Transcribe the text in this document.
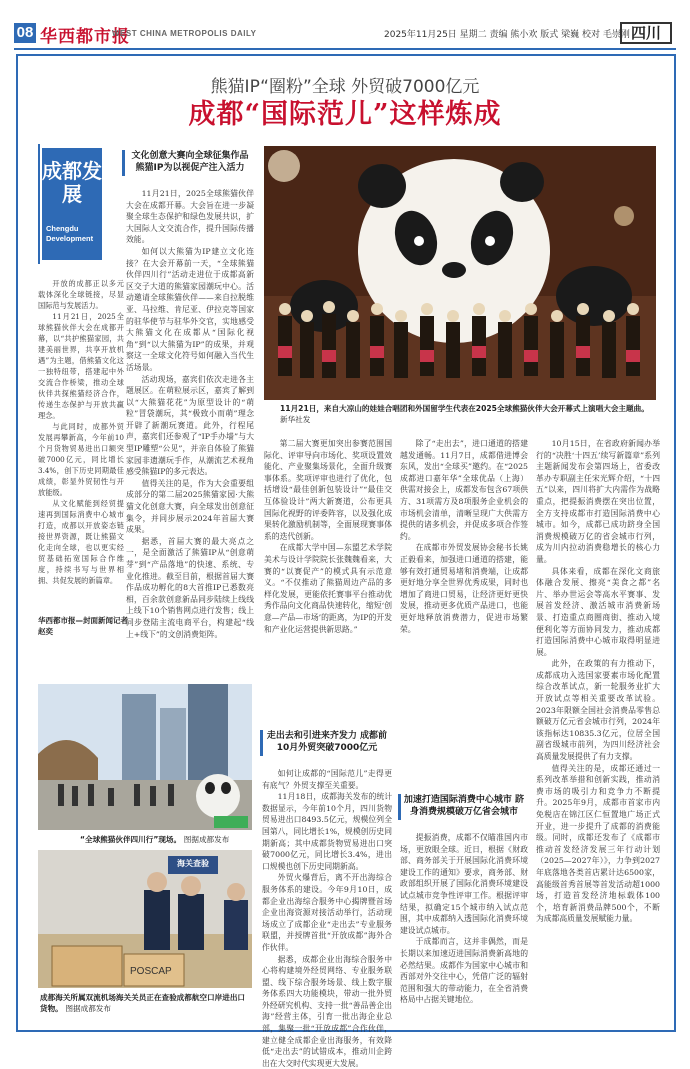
08 华西都市报
WEST CHINA METROPOLIS DAILY	2025年11月25日 星期二 责编 熊小欢 版式 梁巍 校对 毛崇刚 四川
熊猫IP“圈粉”全球 外贸破7000亿元
成都“国际范儿”这样炼成
成都发展
Chengdu Development

开放的成都正以多元载体深化全球链接，尽显国际范与发展活力。

11月21日，2025全球熊猫伙伴大会在成都开幕，以“共护熊猫家园，共建美丽世界，共享开放机遇”为主题，借熊猫文化这一独特纽带，搭建起中外交流合作桥梁，推动全球伙伴共探熊猫经济合作，传递生态保护与开放共赢理念。

与此同时，成都外贸发展再攀新高，今年前10个月货物贸易进出口额突破7000亿元，同比增长3.4%，创下历史同期最佳成绩，彰显外贸韧性与开放能级。

从文化赋能到经贸提速再到国际消费中心城市打造，成都以开放姿态链接世界资源，既让熊猫文化走向全球，也以更实经贸基础拓宽国际合作维度，持续书写与世界相拥、共促发展的新篇章。

华西都市报—封面新闻记者 赵奕
11月21日，来自大凉山的娃娃合唱团和外国留学生代表在2025全球熊猫伙伴大会开幕式上演唱大会主题曲。 新华社发
“全球熊猫伙伴四川行”现场。 图据成都发布
POSCAP
海关查验
成都海关所属双流机场海关关员正在查验成都航空口岸进出口货物。 图据成都发布
文化创意大赛向全球征集作品 熊猫IP为以视促产注入活力

11月21日，2025全球熊猫伙伴大会在成都开幕。大会旨在进一步凝聚全球生态保护和绿色发展共识，扩大国际人文交流合作，提升国际传播效能。

如何以大熊猫为IP建立文化连接？在大会开幕前一天，“全球熊猫伙伴四川行”活动走进位于成都高新区交子大道的熊猫家园潮玩中心。活动邀请全球熊猫伙伴——来自拉脱维亚、马拉维、肯尼亚、伊拉克等国家的驻华使节与驻华外交官，实地感受大熊猫文化在成都从“国际化视角”到“以大熊猫为IP”的成果，并观察这一全球文化符号如何融入当代生活场景。

活动现场，嘉宾们依次走进各主题展区。在萌粒展示区，嘉宾了解到以“大熊猫花花”为原型设计的“萌粒”冒袋潮玩，其“极致小而萌”理念开辟了新潮玩赛道。此外，行程尾声，嘉宾们还参观了“IP手办墙”与大型IP雕塑“公见”，并亲自体验了熊猫家园非遗潮玩手作，从潮流艺术视角感受熊猫IP的多元表达。

值得关注的是，作为大会重要组成部分的第二届2025熊猫家园·大熊猫文化创意大赛，向全球发出创意征集令，并同步展示2024年首届大赛成果。

据悉，首届大赛的最大亮点之一，是全面激活了熊猫IP从“创意萌芽”到“产品落地”的快速、系统、专业化推进。截至目前，根据首届大赛作品成功孵化的8大首推IP已悉数亮相，百余款创意新品同步陆续上线线上线下10个销售网点进行发售；线上同步登陆主流电商平台，构建起“线上+线下”的文创消费矩阵。

第二届大赛更加突出参赛范围国际化、评审导向市场化、奖项设置效能化、产业聚集场景化，全面升级赛事体系。奖项评审也进行了优化，包括增设“最佳创新包装设计”“最佳交互体验设计”两大新赛道，公布更具国际化视野的评委阵容，以及强化成果转化激励机制等，全面展现赛事体系的迭代创新。

在成都大学中国—东盟艺术学院美术与设计学院院长张魏魏看来，大赛的“以赛促产”的模式具有示范意义。“不仅推动了熊猫周边产品的多样化发展，更能依托赛事平台推动优秀作品向文化商品快速转化，缩短‘创意—产品—市场’的距离，为IP的开发和产业化运营提供新思路。”

走出去和引进来齐发力 成都前10月外贸突破7000亿元

如何让成都的“国际范儿”走得更有底气？外贸支撑至关重要。

11月18日，成都海关发布的统计数据显示，今年前10个月，四川货物贸易进出口8493.5亿元，规模位列全国第八，同比增长1%，规模创历史同期新高；其中成都货物贸易进出口突破7000亿元，同比增长3.4%，进出口规模也创下历史同期新高。

外贸火爆背后，离不开出海综合服务体系的建设。今年9月10日，成都企业出海综合服务中心揭牌暨首场企业出海资源对接活动举行，活动现场成立了成都企业“走出去”专业服务联盟，并授牌首批“开放成都”海外合作伙伴。

据悉，成都企业出海综合服务中心将构建境外经贸网络、专业服务联盟、线下综合服务场景、线上数字服务体系四大功能模块，带动一批外贸外经研究机构、支持一批“善品善企出海”经营主体，引育一批出海企业总部，集聚一批“开放成都”合作伙伴，建立健全成都企业出海服务，有效降低“走出去”的试错成本，推动川企跨出在大交时代实现更大发展。

除了“走出去”，进口通道的搭建越发通畅。11月7日，成都借进博会东风，发出“全球买”邀约。在“2025成都进口嘉年华”全球优品（上海）供需对接会上，成都发布包含67项供方、31项需方及8项服务企业机会的市场机会清单，清晰呈现广大供需方提供的诸多机会，并促成多项合作签约。

在成都市外贸发展协会秘书长姚正毅看来，加强进口通道的搭建，能够有效打通贸易堵和消费端，让成都更好地分享全世界优秀成果，同时也增加了商进口贸易，让经济更好更快发展，推动更多优质产品进口，也能更好地释放消费潜力，促进市场繁荣。

加速打造国际消费中心城市 跻身消费规模破万亿省会城市

提振消费，成都不仅瞄准国内市场，更放眼全球。近日，根据《财政部、商务部关于开展国际化消费环境建设工作的通知》要求，商务部、财政部组织开展了国际化消费环境建设试点城市竞争性评审工作。根据评审结果，拟确定15个城市纳入试点范围，其中成都纳入透国际化消费环境建设试点城市。

于成都而言，这并非偶然，而是长期以来加速迈进国际消费新高地的必然结果。成都作为国家中心城市和西部对外交往中心，凭借广泛的辐射范围和强大的带动能力，在全省消费格局中占据关键地位。

10月15日，在省政府新闻办举行的“决胜‘十四五’续写新篇章”系列主题新闻发布会第四场上，省委改革办专职副主任宋光辉介绍，“十四五”以来，四川将扩大内需作为战略重点，把提振消费摆在突出位置，全方支持成都市打造国际消费中心城市。如今，成都已成功跻身全国消费规模破万亿的省会城市行列，成为川内拉动消费稳增长的核心力量。

具体来看，成都在深化文商旅体融合发展、擦亮“美食之都”名片、举办世运会等高水平赛事、发展首发经济、激活城市消费新场景、打造重点商圈商街、推动入境便利化等方面协同发力，推动成都打造国际消费中心城市取得明显进展。

此外，在政策的有力推动下，成都成功入选国家要素市场化配置综合改革试点，新一轮服务业扩大开放试点等相关重要改革试验。2023年限额全国社会消费品零售总额破万亿元省会城市行列，2024年该指标达10835.3亿元，位居全国副省级城市前列，为四川经济社会高质量发展提供了有力支撑。

值得关注的是，成都还通过一系列改革举措和创新实践，推动消费市场的吸引力和竞争力不断提升。2025年9月，成都市首家市内免税店在锦江区仁恒置地广场正式开业，进一步提升了成都的消费能级。同时，成都还发布了《成都市推动首发经济发展三年行动计划（2025—2027年）》，力争到2027年底落地各类首店累计达6500家，高能级首秀首展等首发活动超1000场，打造首发经济地标载体100个，培育新消费品牌500个，不断为成都高质量发展赋能力量。
